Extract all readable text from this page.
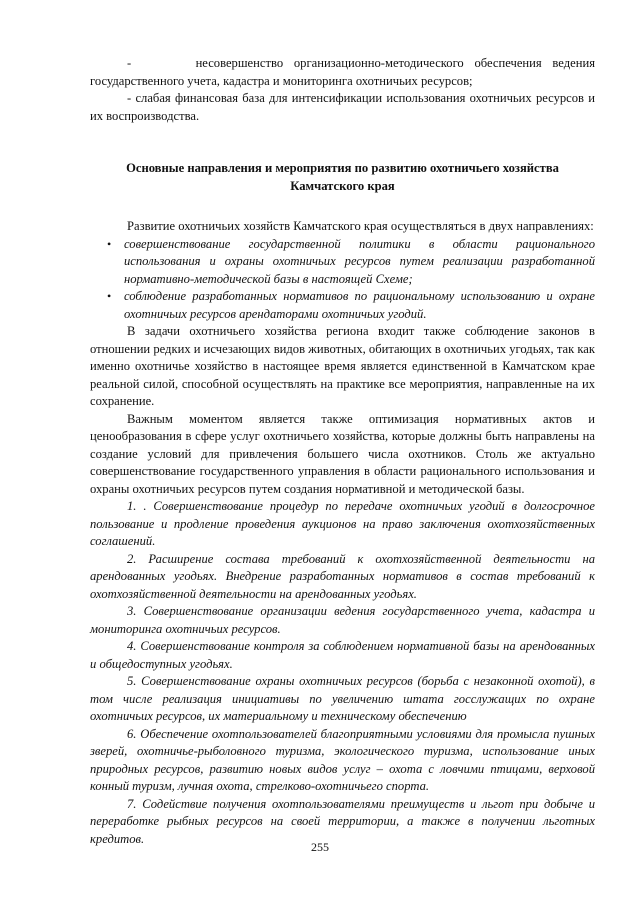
-      несовершенство организационно-методического обеспечения ведения государственного учета, кадастра и мониторинга охотничьих ресурсов;

- слабая финансовая база для интенсификации использования охотничьих ресурсов и их воспроизводства.

Основные направления и мероприятия по развитию охотничьего хозяйства
Камчатского края

Развитие охотничьих хозяйств Камчатского края осуществляться в двух направлениях:

• совершенствование государственной политики в области рационального использования и охраны охотничьих ресурсов путем реализации разработанной нормативно-методической базы в настоящей Схеме;
• соблюдение разработанных нормативов по рациональному использованию и охране охотничьих ресурсов арендаторами охотничьих угодий.

В задачи охотничьего хозяйства региона входит также соблюдение законов в отношении редких и исчезающих видов животных, обитающих в охотничьих угодьях, так как именно охотничье хозяйство в настоящее время является единственной в Камчатском крае реальной силой, способной осуществлять на практике все мероприятия, направленные на их сохранение.

Важным моментом является также оптимизация нормативных актов и ценообразования в сфере услуг охотничьего хозяйства, которые должны быть направлены на создание условий для привлечения большего числа охотников. Столь же актуально совершенствование государственного управления в области рационального использования и охраны охотничьих ресурсов путем создания нормативной и методической базы.

1. . Совершенствование процедур по передаче охотничьих угодий в долгосрочное пользование и продление проведения аукционов на право заключения охотхозяйственных соглашений.

2. Расширение состава требований к охотхозяйственной деятельности на арендованных угодьях. Внедрение разработанных нормативов в состав требований к охотхозяйственной деятельности на арендованных угодьях.

3. Совершенствование организации ведения государственного учета, кадастра и мониторинга охотничьих ресурсов.

4. Совершенствование контроля за соблюдением нормативной базы на арендованных и общедоступных угодьях.

5. Совершенствование охраны охотничьих ресурсов (борьба с незаконной охотой), в том числе реализация инициативы по увеличению штата госслужащих по охране охотничьих ресурсов, их материальному и техническому обеспечению

6. Обеспечение охотпользователей благоприятными условиями для промысла пушных зверей, охотничье-рыболовного туризма, экологического туризма, использование иных природных ресурсов, развитию новых видов услуг – охота с ловчими птицами, верховой конный туризм, лучная охота, стрелково-охотничьего спорта.

7. Содействие получения охотпользователями преимуществ и льгот при добыче и переработке рыбных ресурсов на своей территории, а также в получении льготных кредитов.

255
